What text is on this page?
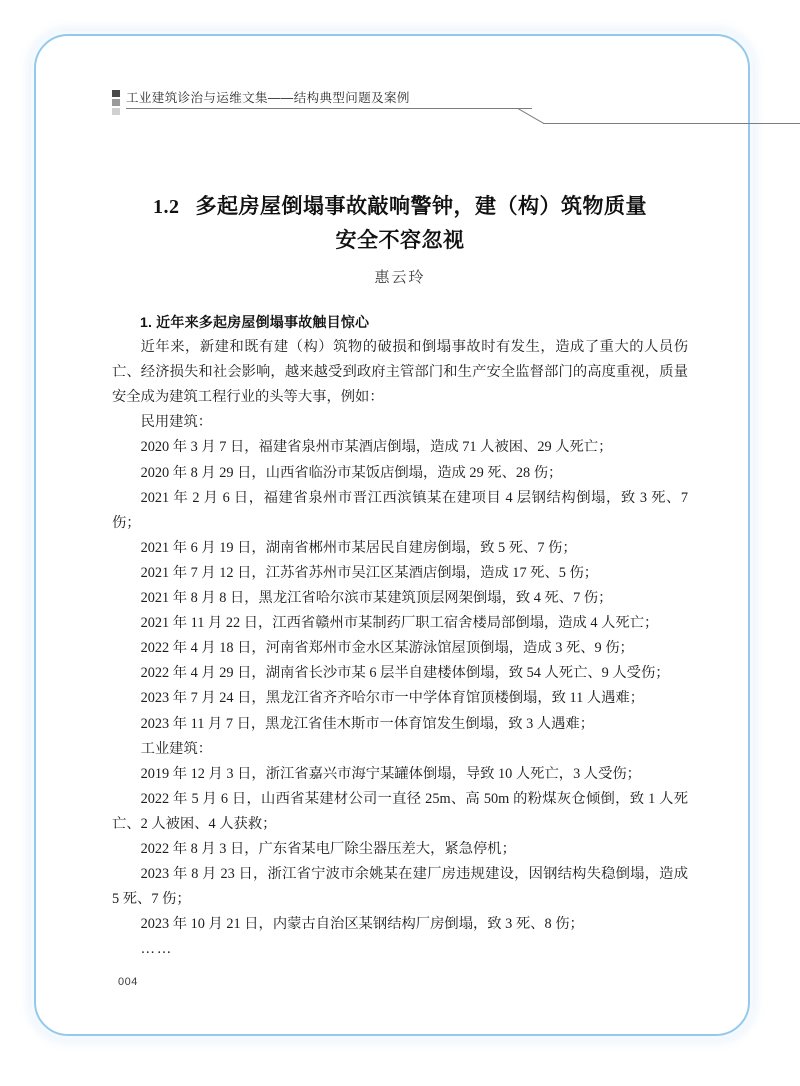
工业建筑诊治与运维文集——结构典型问题及案例
1.2 多起房屋倒塌事故敲响警钟，建（构）筑物质量
安全不容忽视
惠云玲

1. 近年来多起房屋倒塌事故触目惊心

近年来，新建和既有建（构）筑物的破损和倒塌事故时有发生，造成了重大的人员伤亡、经济损失和社会影响，越来越受到政府主管部门和生产安全监督部门的高度重视，质量安全成为建筑工程行业的头等大事，例如：

民用建筑：

2020 年 3 月 7 日，福建省泉州市某酒店倒塌，造成 71 人被困、29 人死亡；

2020 年 8 月 29 日，山西省临汾市某饭店倒塌，造成 29 死、28 伤；

2021 年 2 月 6 日，福建省泉州市晋江西滨镇某在建项目 4 层钢结构倒塌，致 3 死、7 伤；

2021 年 6 月 19 日，湖南省郴州市某居民自建房倒塌，致 5 死、7 伤；

2021 年 7 月 12 日，江苏省苏州市吴江区某酒店倒塌，造成 17 死、5 伤；

2021 年 8 月 8 日，黑龙江省哈尔滨市某建筑顶层网架倒塌，致 4 死、7 伤；

2021 年 11 月 22 日，江西省赣州市某制药厂职工宿舍楼局部倒塌，造成 4 人死亡；

2022 年 4 月 18 日，河南省郑州市金水区某游泳馆屋顶倒塌，造成 3 死、9 伤；

2022 年 4 月 29 日，湖南省长沙市某 6 层半自建楼体倒塌，致 54 人死亡、9 人受伤；

2023 年 7 月 24 日，黑龙江省齐齐哈尔市一中学体育馆顶楼倒塌，致 11 人遇难；

2023 年 11 月 7 日，黑龙江省佳木斯市一体育馆发生倒塌，致 3 人遇难；

工业建筑：

2019 年 12 月 3 日，浙江省嘉兴市海宁某罐体倒塌，导致 10 人死亡，3 人受伤；

2022 年 5 月 6 日，山西省某建材公司一直径 25m、高 50m 的粉煤灰仓倾倒，致 1 人死亡、2 人被困、4 人获救；

2022 年 8 月 3 日，广东省某电厂除尘器压差大，紧急停机；

2023 年 8 月 23 日，浙江省宁波市余姚某在建厂房违规建设，因钢结构失稳倒塌，造成 5 死、7 伤；

2023 年 10 月 21 日，内蒙古自治区某钢结构厂房倒塌，致 3 死、8 伤；

……

004
